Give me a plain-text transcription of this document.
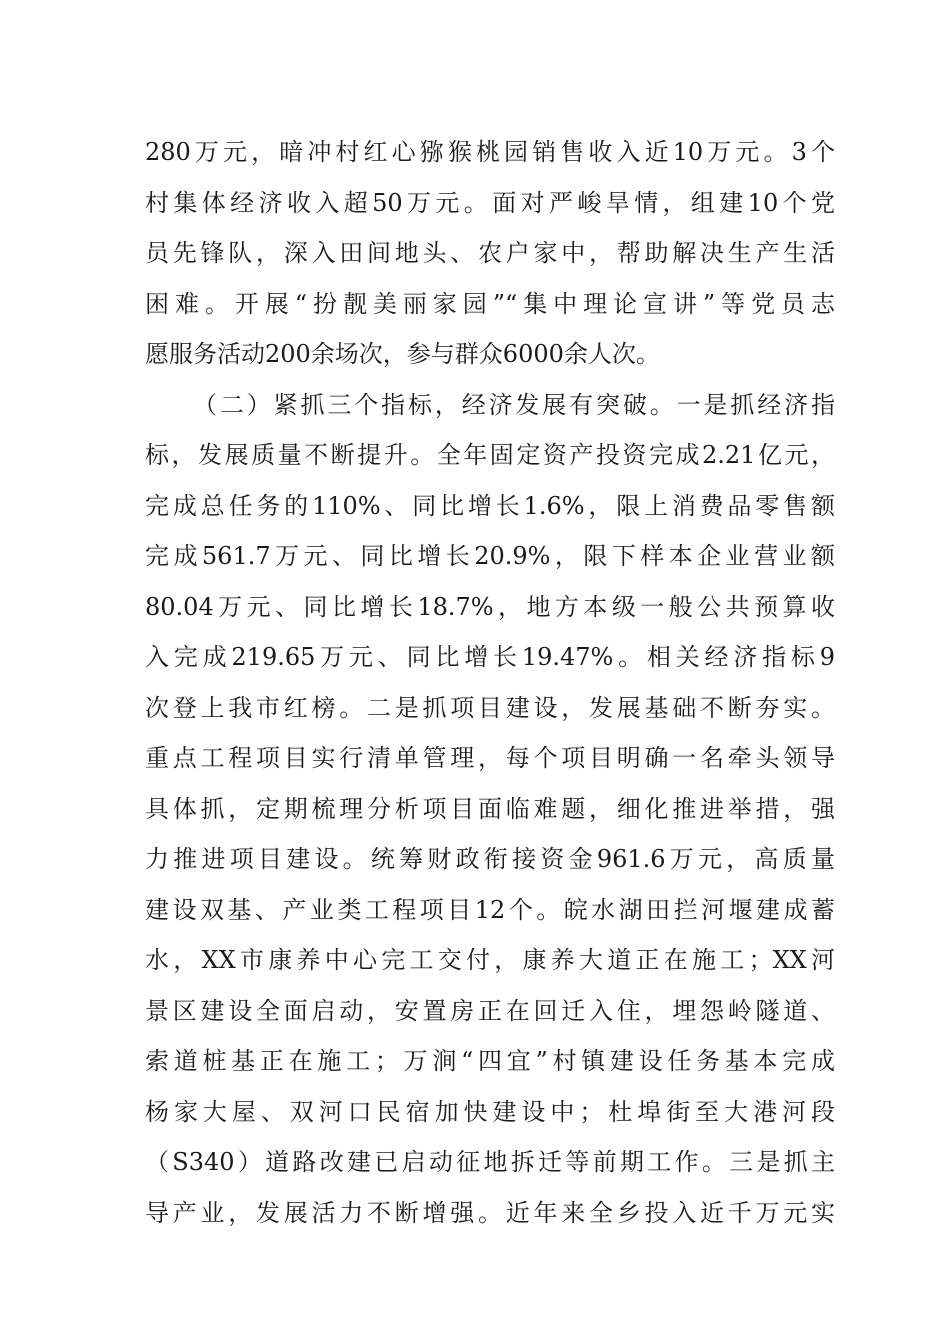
280万元，暗冲村红心猕猴桃园销售收入近10万元。3个
村集体经济收入超50万元。面对严峻旱情，组建10个党
员先锋队，深入田间地头、农户家中，帮助解决生产生活
困难。开展“扮靓美丽家园”“集中理论宣讲”等党员志
愿服务活动200余场次，参与群众6000余人次。
（二）紧抓三个指标，经济发展有突破。一是抓经济指
标，发展质量不断提升。全年固定资产投资完成2.21亿元，
完成总任务的110%、同比增长1.6%，限上消费品零售额
完成561.7万元、同比增长20.9%，限下样本企业营业额
80.04万元、同比增长18.7%，地方本级一般公共预算收
入完成219.65万元、同比增长19.47%。相关经济指标9
次登上我市红榜。二是抓项目建设，发展基础不断夯实。
重点工程项目实行清单管理，每个项目明确一名牵头领导
具体抓，定期梳理分析项目面临难题，细化推进举措，强
力推进项目建设。统筹财政衔接资金961.6万元，高质量
建设双基、产业类工程项目12个。皖水湖田拦河堰建成蓄
水，XX市康养中心完工交付，康养大道正在施工；XX河
景区建设全面启动，安置房正在回迁入住，埋怨岭隧道、
索道桩基正在施工；万涧“四宜”村镇建设任务基本完成
杨家大屋、双河口民宿加快建设中；杜埠街至大港河段
（S340）道路改建已启动征地拆迁等前期工作。三是抓主
导产业，发展活力不断增强。近年来全乡投入近千万元实
